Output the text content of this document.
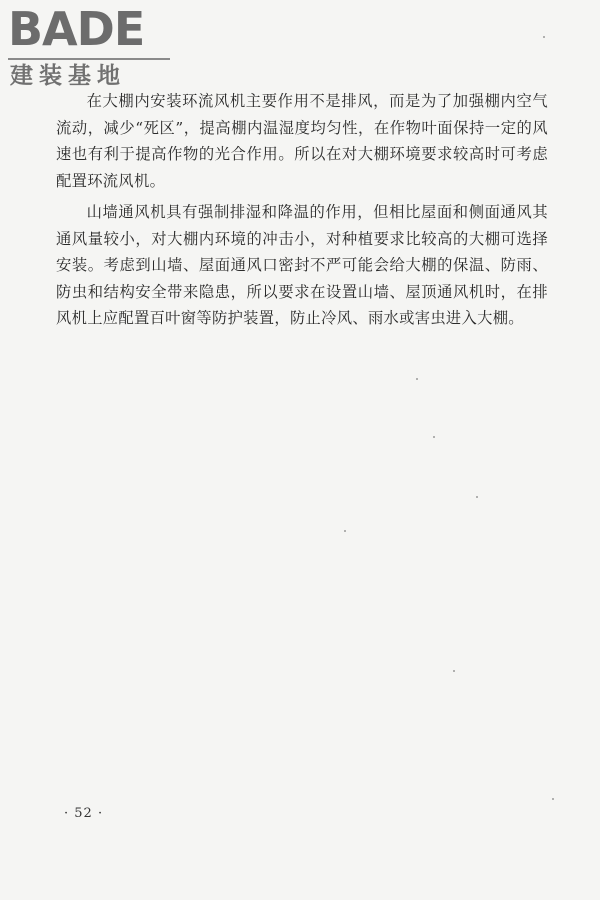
BADE
建装基地

在大棚内安装环流风机主要作用不是排风，而是为了加强棚内空气流动，减少“死区”，提高棚内温湿度均匀性，在作物叶面保持一定的风速也有利于提高作物的光合作用。所以在对大棚环境要求较高时可考虑配置环流风机。

山墙通风机具有强制排湿和降温的作用，但相比屋面和侧面通风其通风量较小，对大棚内环境的冲击小，对种植要求比较高的大棚可选择安装。考虑到山墙、屋面通风口密封不严可能会给大棚的保温、防雨、防虫和结构安全带来隐患，所以要求在设置山墙、屋顶通风机时，在排风机上应配置百叶窗等防护装置，防止冷风、雨水或害虫进入大棚。

· 52 ·
